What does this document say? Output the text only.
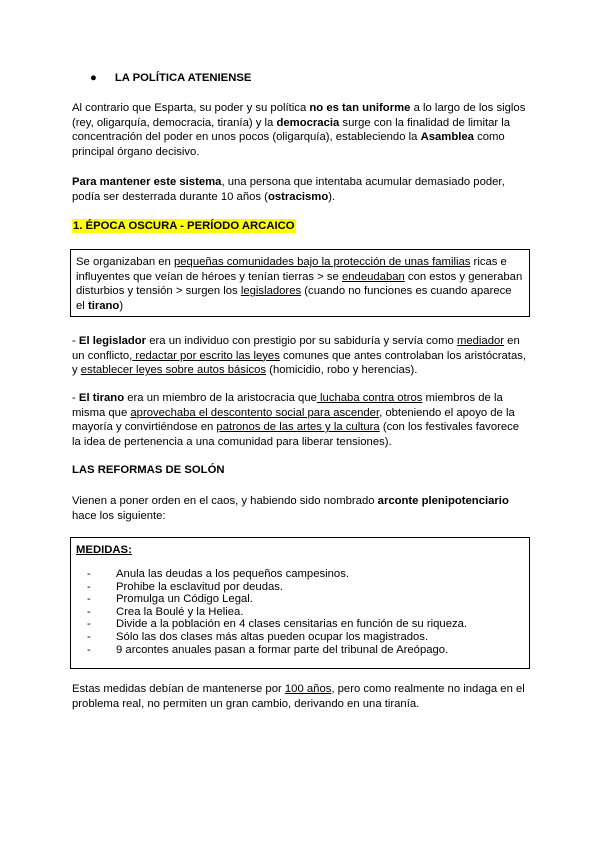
● LA POLÍTICA ATENIENSE

Al contrario que Esparta, su poder y su política no es tan uniforme a lo largo de los siglos (rey, oligarquía, democracia, tiranía) y la democracia surge con la finalidad de limitar la concentración del poder en unos pocos (oligarquía), estableciendo la Asamblea como principal órgano decisivo.

Para mantener este sistema, una persona que intentaba acumular demasiado poder, podía ser desterrada durante 10 años (ostracismo).

1. ÉPOCA OSCURA - PERÍODO ARCAICO
Se organizaban en pequeñas comunidades bajo la protección de unas familias ricas e influyentes que veían de héroes y tenían tierras > se endeudaban con estos y generaban disturbios y tensión > surgen los legisladores (cuando no funciones es cuando aparece el tirano)

- El legislador era un individuo con prestigio por su sabiduría y servía como mediador en un conflicto, redactar por escrito las leyes comunes que antes controlaban los aristócratas, y establecer leyes sobre autos básicos (homicidio, robo y herencias).

- El tirano era un miembro de la aristocracia que luchaba contra otros miembros de la misma que aprovechaba el descontento social para ascender, obteniendo el apoyo de la mayoría y convirtiéndose en patronos de las artes y la cultura (con los festivales favorece la idea de pertenencia a una comunidad para liberar tensiones).

LAS REFORMAS DE SOLÓN

Vienen a poner orden en el caos, y habiendo sido nombrado arconte plenipotenciario hace los siguiente:

MEDIDAS:
- Anula las deudas a los pequeños campesinos.
- Prohibe la esclavitud por deudas.
- Promulga un Código Legal.
- Crea la Boulé y la Heliea.
- Divide a la población en 4 clases censitarias en función de su riqueza.
- Sólo las dos clases más altas pueden ocupar los magistrados.
- 9 arcontes anuales pasan a formar parte del tribunal de Areópago.

Estas medidas debían de mantenerse por 100 años, pero como realmente no indaga en el problema real, no permiten un gran cambio, derivando en una tiranía.
